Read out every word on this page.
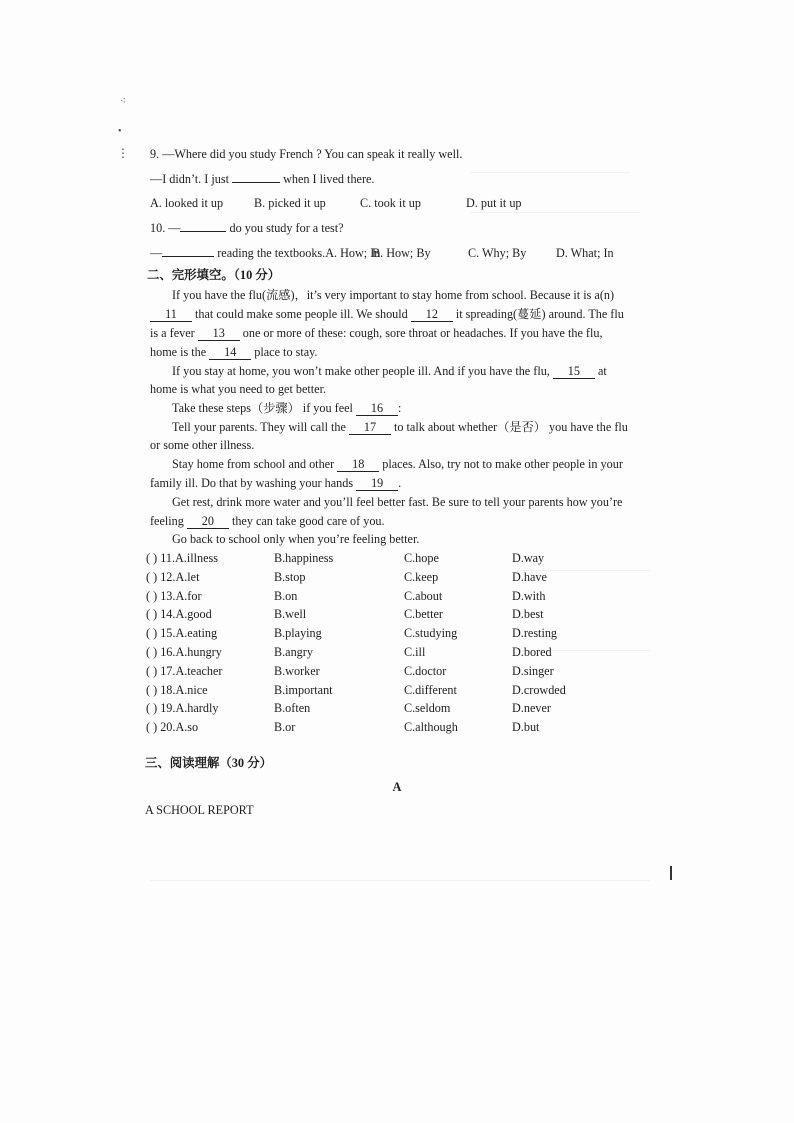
⁖
•
⋮ 9. —Where did you study French ? You can speak it really well.
—I didn’t. I just	when I lived there.
A. looked it up	B. picked it up	C. took it up	D. put it up
10. —	do you study for a test?
—	reading the textbooks.A. How; In
B. How; By	C. Why; By D. What; In
二、完形填空。（10 分）
If you have the flu(流感)，it’s very important to stay home from school. Because it is a(n)
11 that could make some people ill. We should 12 it spreading(蔓延) around. The flu
is a fever 13 one or more of these: cough, sore throat or headaches. If you have the flu,
home is the 14 place to stay.
If you stay at home, you won’t make other people ill. And if you have the flu, 15 at
home is what you need to get better.
Take these steps（步骤） if you feel 16 :
Tell your parents. They will call the 17 to talk about whether（是否） you have the flu
or some other illness.
Stay home from school and other 18 places. Also, try not to make other people in your
family ill. Do that by washing your hands 19 .
Get rest, drink more water and you’ll feel better fast. Be sure to tell your parents how you’re
feeling 20 they can take good care of you.
Go back to school only when you’re feeling better.
( ) 11.A.illness	B.happiness	C.hope	D.way
( ) 12.A.let	B.stop	C.keep	D.have
( ) 13.A.for	B.on	C.about	D.with
( ) 14.A.good	B.well	C.better	D.best
( ) 15.A.eating	B.playing	C.studying	D.resting
( ) 16.A.hungry	B.angry	C.ill	D.bored
( ) 17.A.teacher	B.worker	C.doctor	D.singer
( ) 18.A.nice	B.important	C.different	D.crowded
( ) 19.A.hardly	B.often	C.seldom	D.never
( ) 20.A.so	B.or	C.although	D.but
三、阅读理解（30 分）
A
A SCHOOL REPORT
